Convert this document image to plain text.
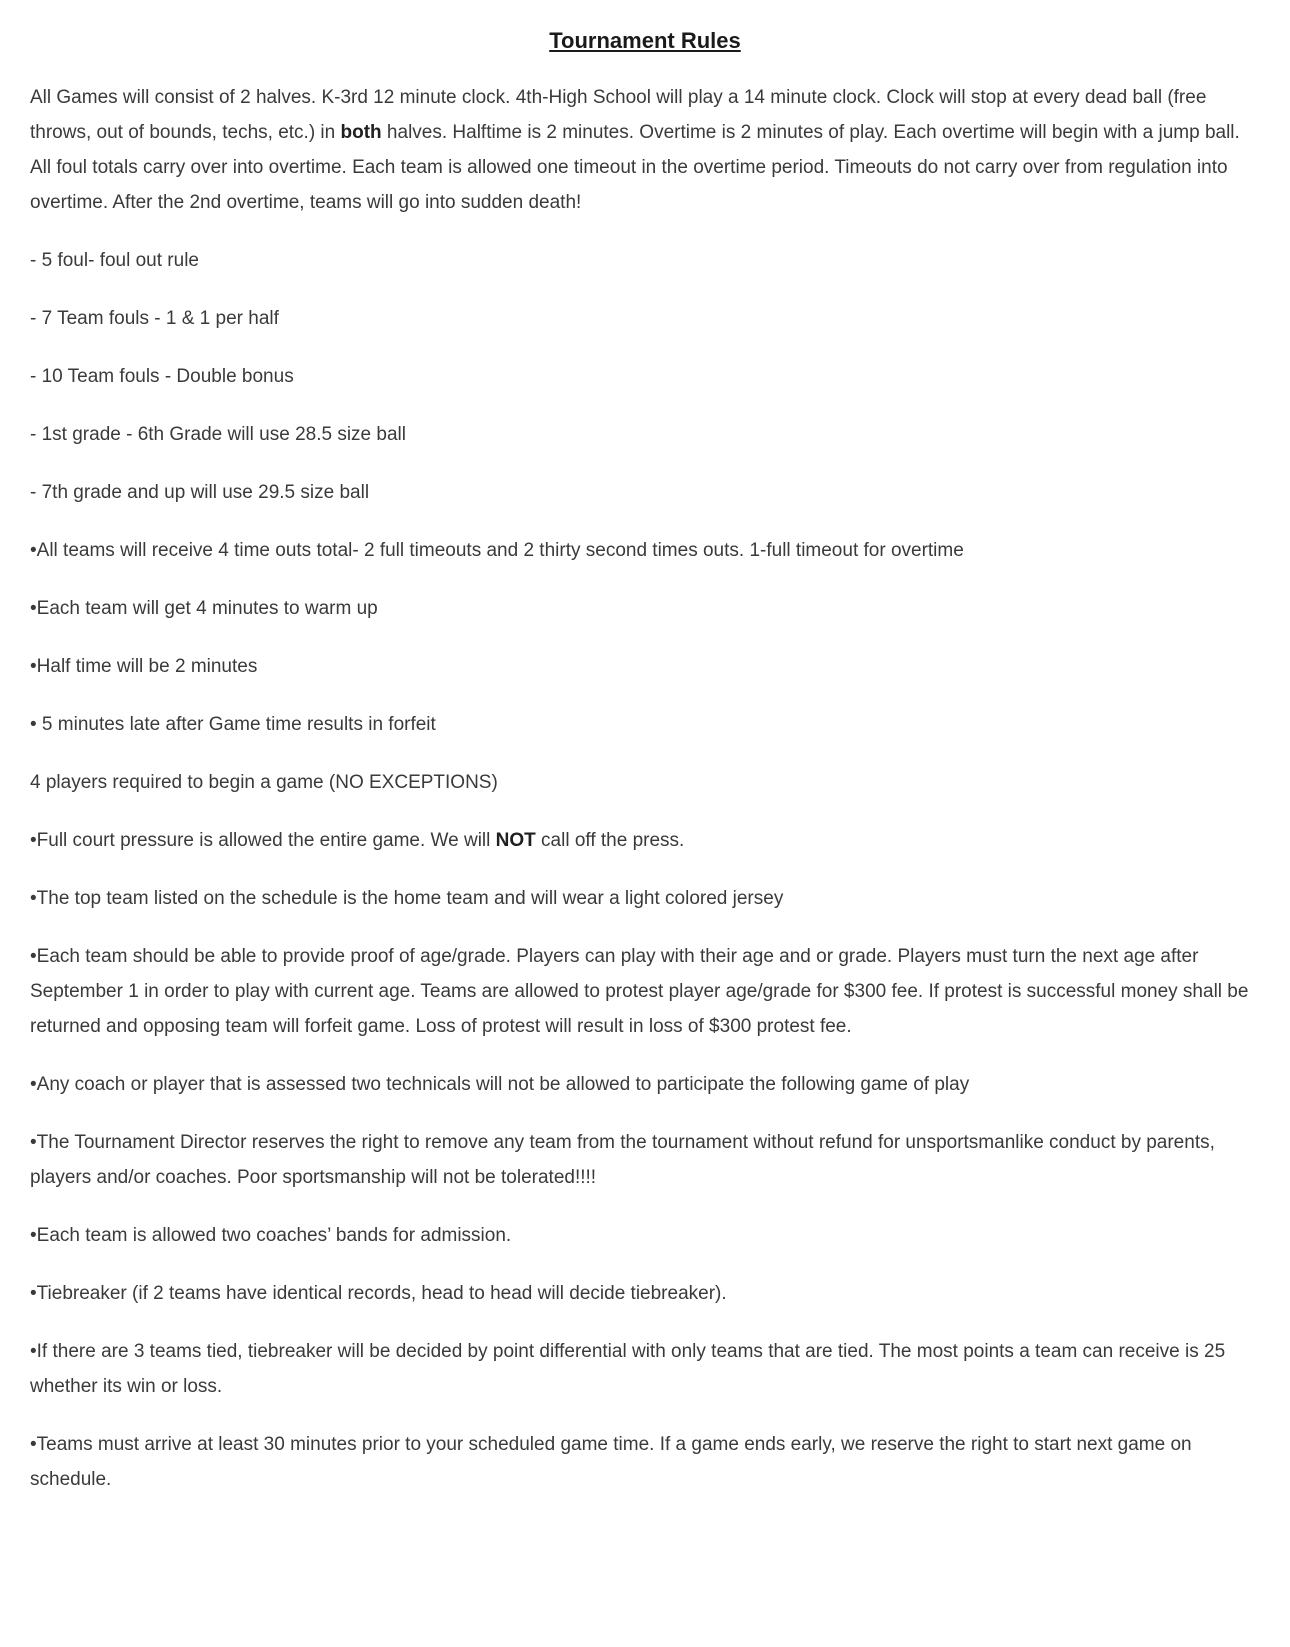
Tournament Rules

All Games will consist of 2 halves. K-3rd 12 minute clock. 4th-High School will play a 14 minute clock. Clock will stop at every dead ball (free throws, out of bounds, techs, etc.) in both halves. Halftime is 2 minutes. Overtime is 2 minutes of play. Each overtime will begin with a jump ball. All foul totals carry over into overtime. Each team is allowed one timeout in the overtime period. Timeouts do not carry over from regulation into overtime. After the 2nd overtime, teams will go into sudden death!

- 5 foul- foul out rule

- 7 Team fouls - 1 & 1 per half

- 10 Team fouls - Double bonus

- 1st grade - 6th Grade will use 28.5 size ball

- 7th grade and up will use 29.5 size ball

•All teams will receive 4 time outs total- 2 full timeouts and 2 thirty second times outs. 1-full timeout for overtime

•Each team will get 4 minutes to warm up

•Half time will be 2 minutes

• 5 minutes late after Game time results in forfeit

4 players required to begin a game (NO EXCEPTIONS)

•Full court pressure is allowed the entire game. We will NOT call off the press.

•The top team listed on the schedule is the home team and will wear a light colored jersey

•Each team should be able to provide proof of age/grade. Players can play with their age and or grade. Players must turn the next age after September 1 in order to play with current age. Teams are allowed to protest player age/grade for $300 fee. If protest is successful money shall be returned and opposing team will forfeit game. Loss of protest will result in loss of $300 protest fee.

•Any coach or player that is assessed two technicals will not be allowed to participate the following game of play

•The Tournament Director reserves the right to remove any team from the tournament without refund for unsportsmanlike conduct by parents, players and/or coaches. Poor sportsmanship will not be tolerated!!!!

•Each team is allowed two coaches’ bands for admission.

•Tiebreaker (if 2 teams have identical records, head to head will decide tiebreaker).

•If there are 3 teams tied, tiebreaker will be decided by point differential with only teams that are tied. The most points a team can receive is 25 whether its win or loss.

•Teams must arrive at least 30 minutes prior to your scheduled game time. If a game ends early, we reserve the right to start next game on schedule.
